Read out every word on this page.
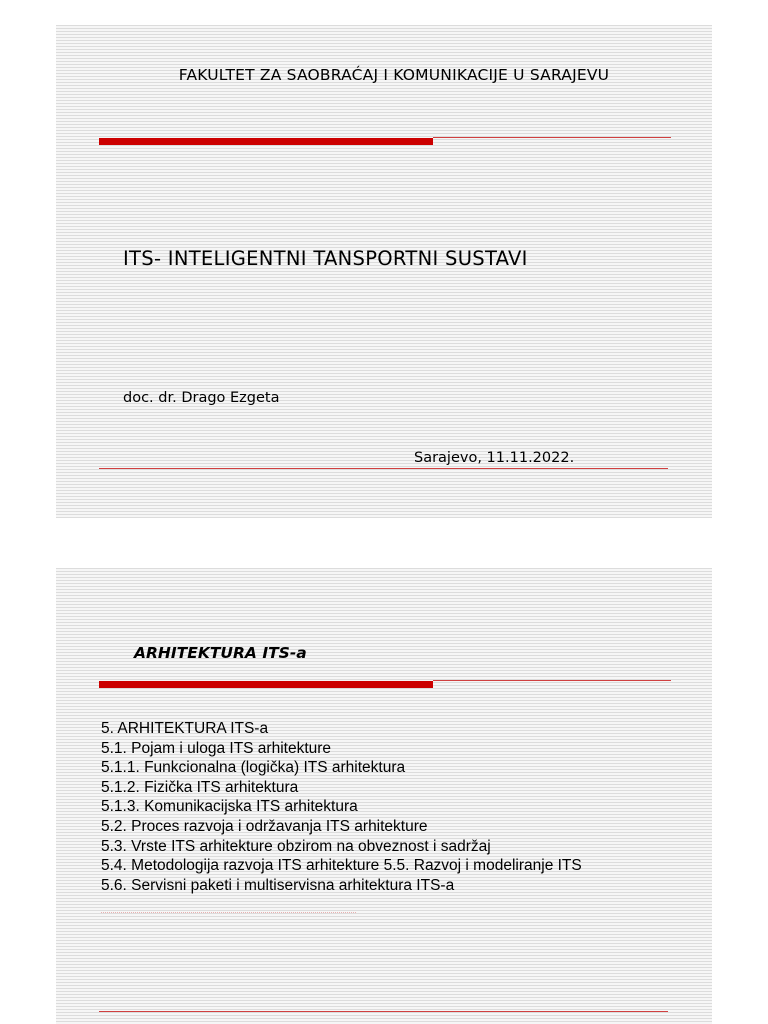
FAKULTET ZA SAOBRAĆAJ I KOMUNIKACIJE U SARAJEVU
ITS- INTELIGENTNI TANSPORTNI SUSTAVI
doc. dr. Drago Ezgeta
Sarajevo, 11.11.2022.
ARHITEKTURA ITS-a
5. ARHITEKTURA ITS-a
5.1. Pojam i uloga ITS arhitekture
5.1.1. Funkcionalna (logička) ITS arhitektura
5.1.2. Fizička ITS arhitektura
5.1.3. Komunikacijska ITS arhitektura
5.2. Proces razvoja i održavanja ITS arhitekture
5.3. Vrste ITS arhitekture obzirom na obveznost i sadržaj
5.4. Metodologija razvoja ITS arhitekture 5.5. Razvoj i modeliranje ITS
5.6. Servisni paketi i multiservisna arhitektura ITS-a
